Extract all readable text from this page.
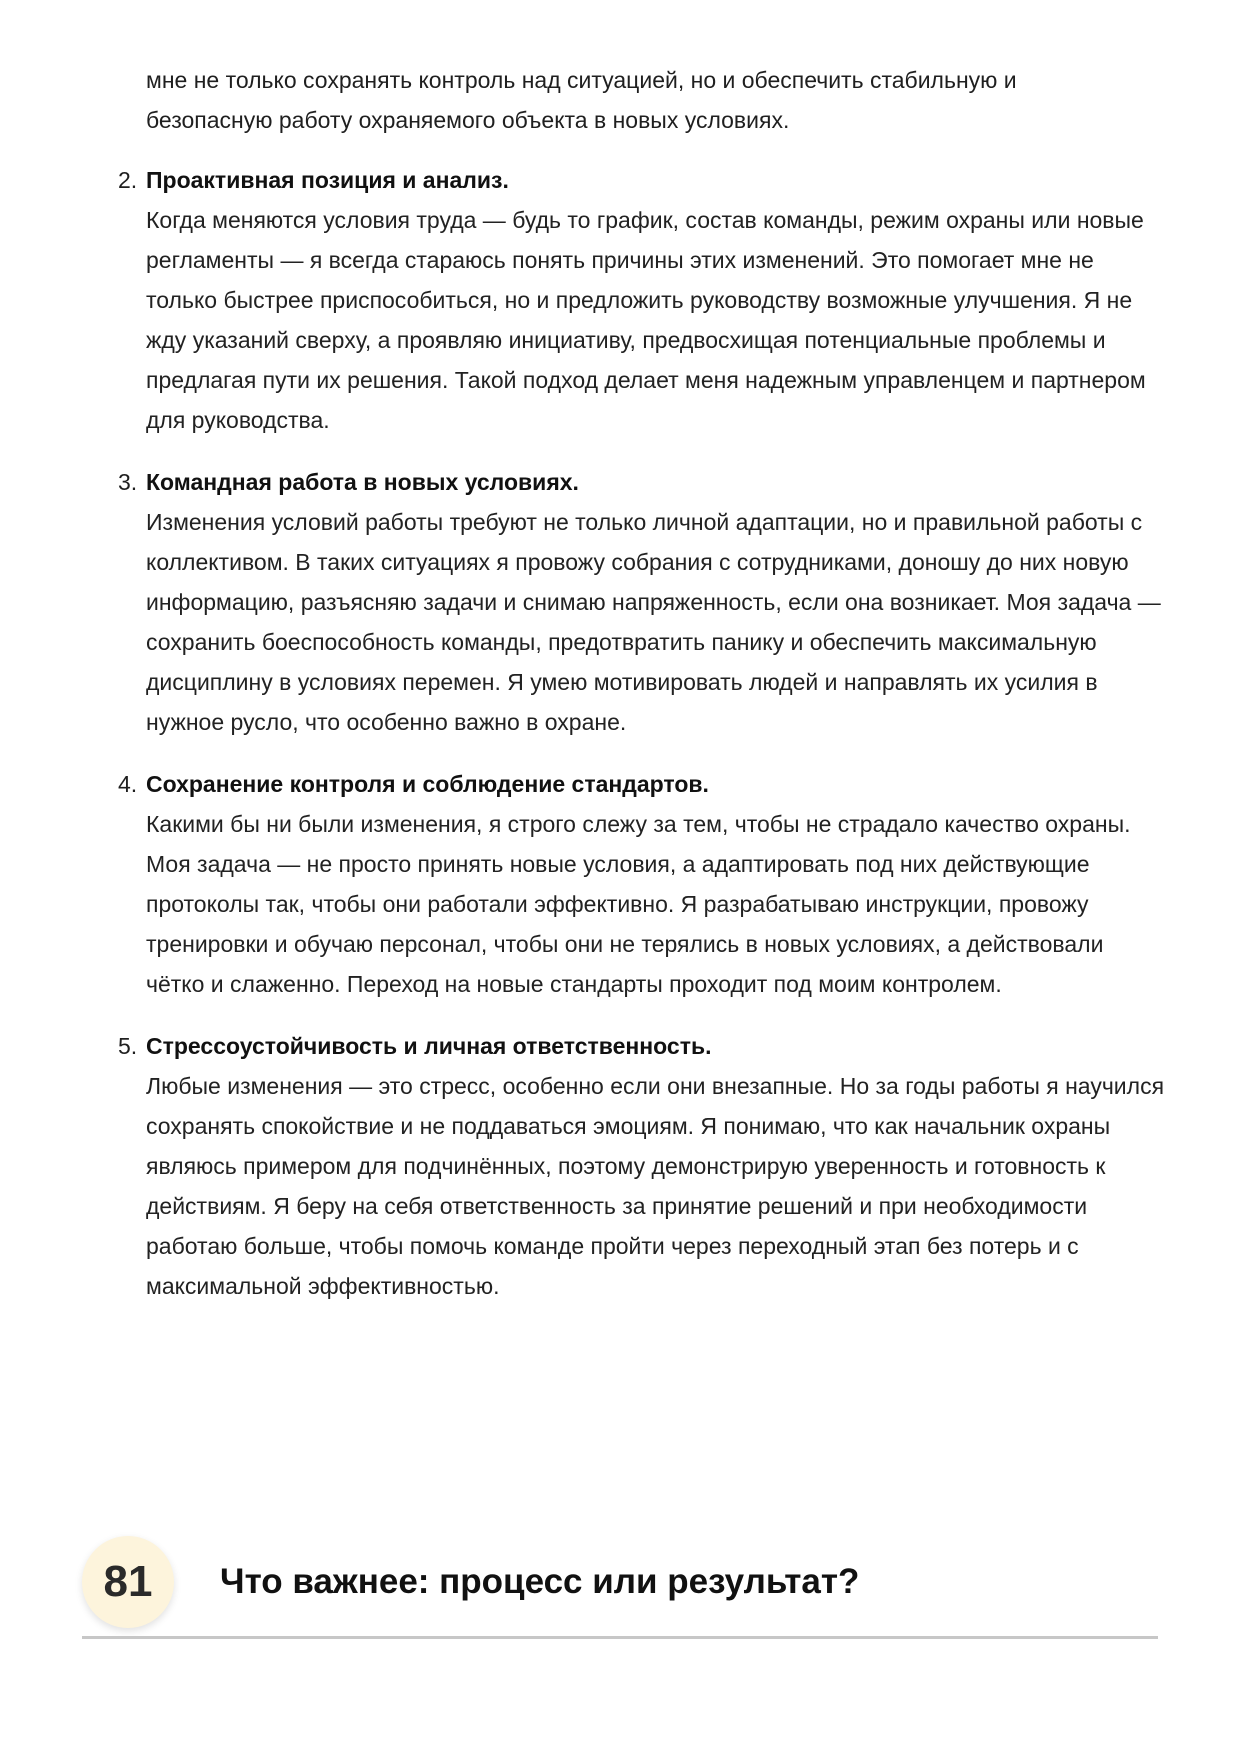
мне не только сохранять контроль над ситуацией, но и обеспечить стабильную и безопасную работу охраняемого объекта в новых условиях.

2. Проактивная позиция и анализ.
Когда меняются условия труда — будь то график, состав команды, режим охраны или новые регламенты — я всегда стараюсь понять причины этих изменений. Это помогает мне не только быстрее приспособиться, но и предложить руководству возможные улучшения. Я не жду указаний сверху, а проявляю инициативу, предвосхищая потенциальные проблемы и предлагая пути их решения. Такой подход делает меня надежным управленцем и партнером для руководства.
3. Командная работа в новых условиях.
Изменения условий работы требуют не только личной адаптации, но и правильной работы с коллективом. В таких ситуациях я провожу собрания с сотрудниками, доношу до них новую информацию, разъясняю задачи и снимаю напряженность, если она возникает. Моя задача — сохранить боеспособность команды, предотвратить панику и обеспечить максимальную дисциплину в условиях перемен. Я умею мотивировать людей и направлять их усилия в нужное русло, что особенно важно в охране.
4. Сохранение контроля и соблюдение стандартов.
Какими бы ни были изменения, я строго слежу за тем, чтобы не страдало качество охраны. Моя задача — не просто принять новые условия, а адаптировать под них действующие протоколы так, чтобы они работали эффективно. Я разрабатываю инструкции, провожу тренировки и обучаю персонал, чтобы они не терялись в новых условиях, а действовали чётко и слаженно. Переход на новые стандарты проходит под моим контролем.
5. Стрессоустойчивость и личная ответственность.
Любые изменения — это стресс, особенно если они внезапные. Но за годы работы я научился сохранять спокойствие и не поддаваться эмоциям. Я понимаю, что как начальник охраны являюсь примером для подчинённых, поэтому демонстрирую уверенность и готовность к действиям. Я беру на себя ответственность за принятие решений и при необходимости работаю больше, чтобы помочь команде пройти через переходный этап без потерь и с максимальной эффективностью.
81	Что важнее: процесс или результат?
